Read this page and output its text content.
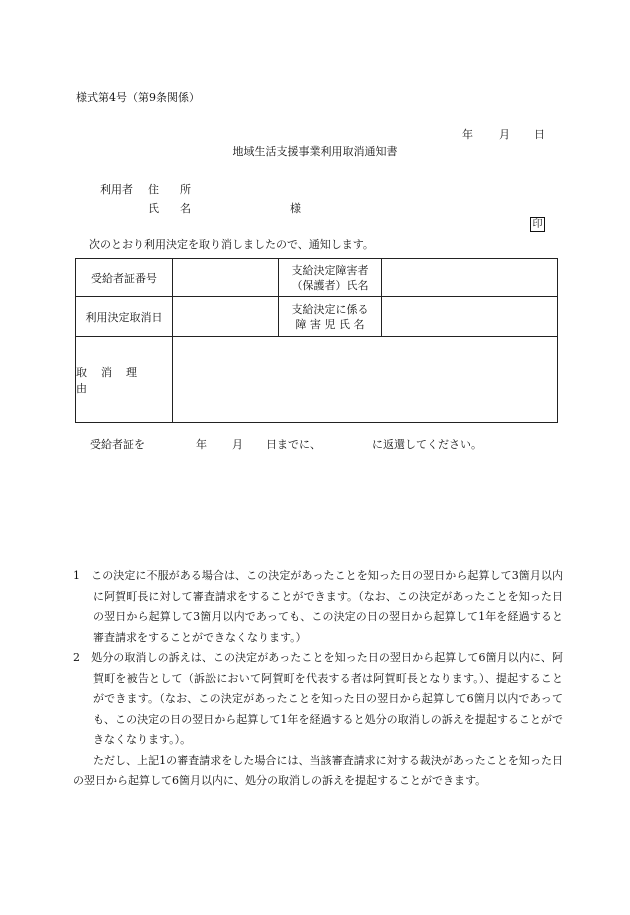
様式第4号（第9条関係）
年 月 日
地域生活支援事業利用取消通知書
利用者 住 所
氏 名	様
印
次のとおり利用決定を取り消しましたので、通知します。
受給者証番号		支給決定障害者
（保護者）氏名	

利用決定取消日		支給決定に係る
障 害 児 氏 名	

取消理由			
受給者証を	年 月 日までに、	に返還してください。

1　この決定に不服がある場合は、この決定があったことを知った日の翌日から起算して3箇月以内に阿賀町長に対して審査請求をすることができます。（なお、この決定があったことを知った日の翌日から起算して3箇月以内であっても、この決定の日の翌日から起算して1年を経過すると審査請求をすることができなくなります。）

2　処分の取消しの訴えは、この決定があったことを知った日の翌日から起算して6箇月以内に、阿賀町を被告として（訴訟において阿賀町を代表する者は阿賀町長となります。）、提起することができます。（なお、この決定があったことを知った日の翌日から起算して6箇月以内であっても、この決定の日の翌日から起算して1年を経過すると処分の取消しの訴えを提起することができなくなります。）。

ただし、上記1の審査請求をした場合には、当該審査請求に対する裁決があったことを知った日の翌日から起算して6箇月以内に、処分の取消しの訴えを提起することができます。
